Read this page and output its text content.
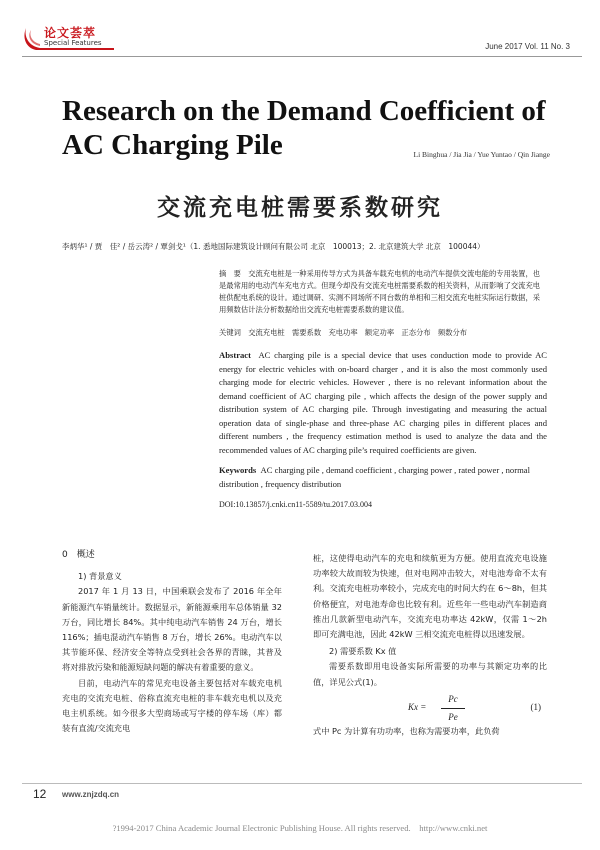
论文荟萃
Special Features	June 2017 Vol. 11 No. 3
Research on the Demand Coefficient of AC Charging Pile	Li Binghua / Jia Jia / Yue Yuntao / Qin Jiange
交流充电桩需要系数研究
李炳华¹ / 贾　佳² / 岳云涛² / 覃剑戈¹（1. 悉地国际建筑设计顾问有限公司 北京　100013；2. 北京建筑大学 北京　100044）
摘　要　 交流充电桩是一种采用传导方式为具备车载充电机的电动汽车提供交流电能的专用装置，也是最常用的电动汽车充电方式。但现今却没有交流充电桩需要系数的相关资料，从而影响了交流充电桩供配电系统的设计。通过调研、实测不同场所不同台数的单相和三相交流充电桩实际运行数据，采用频数估计法分析数据给出交流充电桩需要系数的建议值。
关键词　 交流充电桩　需要系数　充电功率　额定功率　正态分布　频数分布
Abstract AC charging pile is a special device that uses conduction mode to provide AC energy for electric vehicles with on-board charger , and it is also the most commonly used charging mode for electric vehicles. However , there is no relevant information about the demand coefficient of AC charging pile , which affects the design of the power supply and distribution system of AC charging pile. Through investigating and measuring the actual operation data of single-phase and three-phase AC charging piles in different places and different numbers , the frequency estimation method is used to analyze the data and the recommended values of AC charging pile’s required coefficients are given.
Keywords AC charging pile , demand coefficient , charging power , rated power , normal distribution , frequency distribution
DOI:10.13857/j.cnki.cn11-5589/tu.2017.03.004
0　概述
1) 背景意义

2017 年 1 月 13 日，中国乘联会发布了 2016 年全年新能源汽车销量统计。数据显示，新能源乘用车总体销量 32 万台，同比增长 84%。其中纯电动汽车销售 24 万台，增长 116%；插电混动汽车销售 8 万台，增长 26%。电动汽车以其节能环保、经济安全等特点受到社会各界的青睐，其普及将对排放污染和能源短缺问题的解决有着重要的意义。

目前，电动汽车的常见充电设备主要包括对车载充电机充电的交流充电桩、俗称直流充电桩的非车载充电机以及充电主机系统。如今很多大型商场或写字楼的停车场（库）都装有直流/交流充电

桩，这使得电动汽车的充电和续航更为方便。使用直流充电设施功率较大故而较为快速，但对电网冲击较大，对电池寿命不太有利。交流充电桩功率较小，完成充电的时间大约在 6～8h，但其价格便宜，对电池寿命也比较有利。近些年一些电动汽车制造商推出几款新型电动汽车，交流充电功率达 42kW，仅需 1～2h 即可充满电池，因此 42kW 三相交流充电桩得以迅速发展。

2) 需要系数 Kx 值

需要系数即用电设备实际所需要的功率与其额定功率的比值，详见公式(1)。

Kx =
Pc
Pe
(1)

式中 Pc 为计算有功功率，也称为需要功率，此负荷

12 www.znjzdq.cn
?1994-2017 China Academic Journal Electronic Publishing House. All rights reserved.　http://www.cnki.net
